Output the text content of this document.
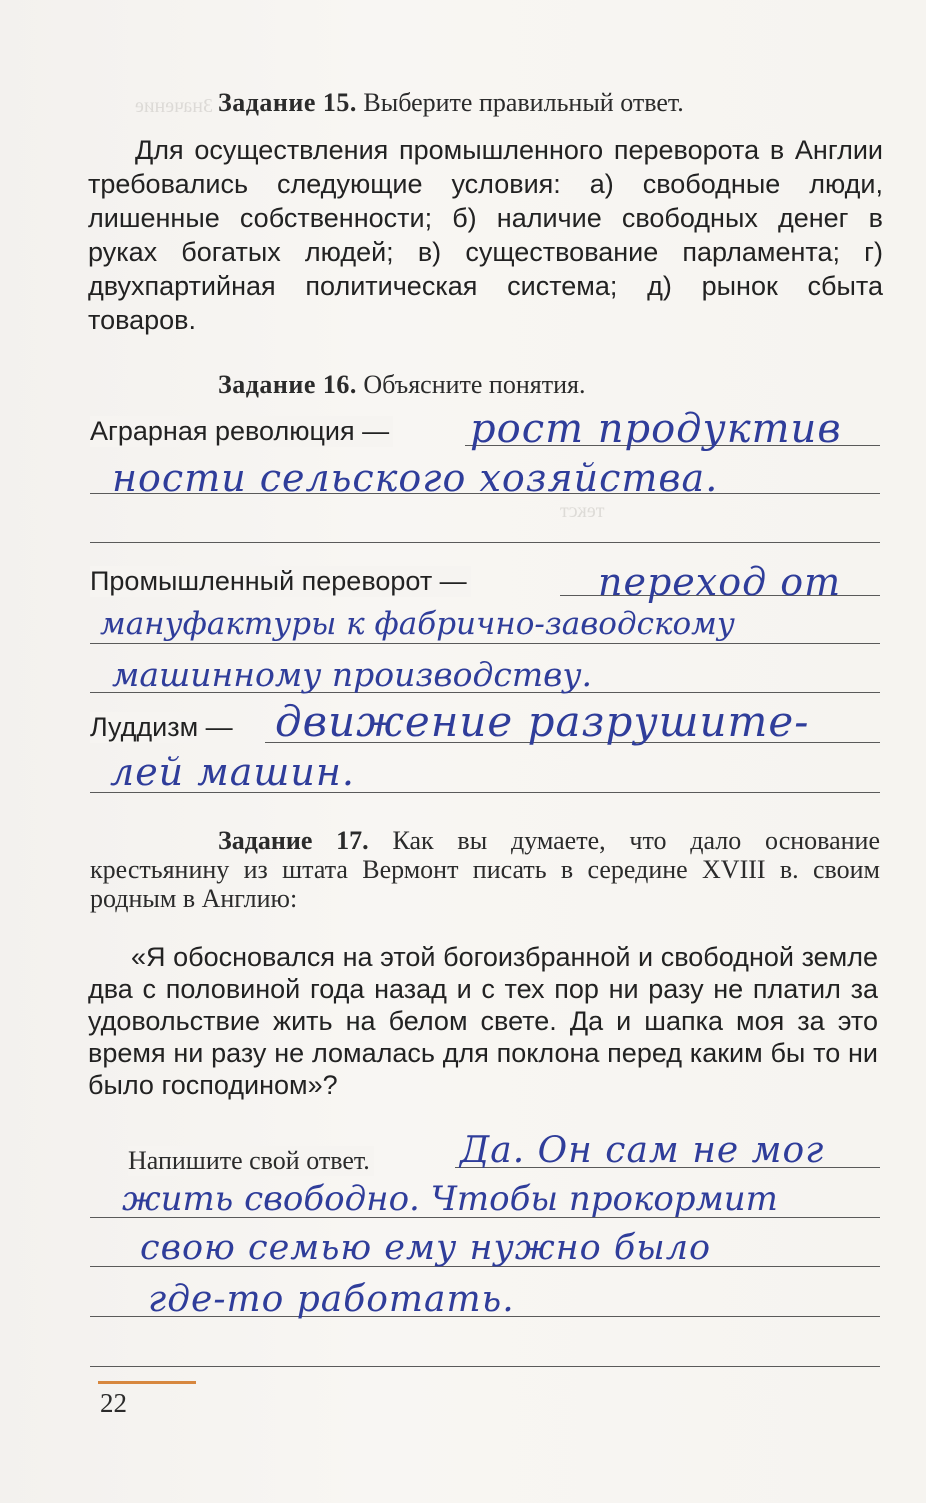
Значение
текст
Задание 15. Выберите правильный ответ.
Для осуществления промышленного переворота в Англии требовались следующие условия: а) свободные люди, лишенные собственности; б) наличие свободных денег в руках богатых людей; в) существование парламента; г) двухпартийная политическая система; д) рынок сбыта товаров.
Задание 16. Объясните понятия.
Аграрная революция — рост продуктив
ности сельского хозяйства.
Промышленный переворот —	переход от
мануфактуры к фабрично-заводскому
машинному производству.
Луддизм — движение разрушите-
лей машин.
Задание 17. Как вы думаете, что дало основание крестьянину из штата Вермонт писать в середине XVIII в. своим родным в Англию:
«Я обосновался на этой богоизбранной и свободной земле два с половиной года назад и с тех пор ни разу не платил за удовольствие жить на белом свете. Да и шапка моя за это время ни разу не ломалась для поклона перед каким бы то ни было господином»?
Напишите свой ответ.	Да. Он сам не мог
жить свободно. Чтобы прокормит
свою семью ему нужно было
где-то работать.
22
